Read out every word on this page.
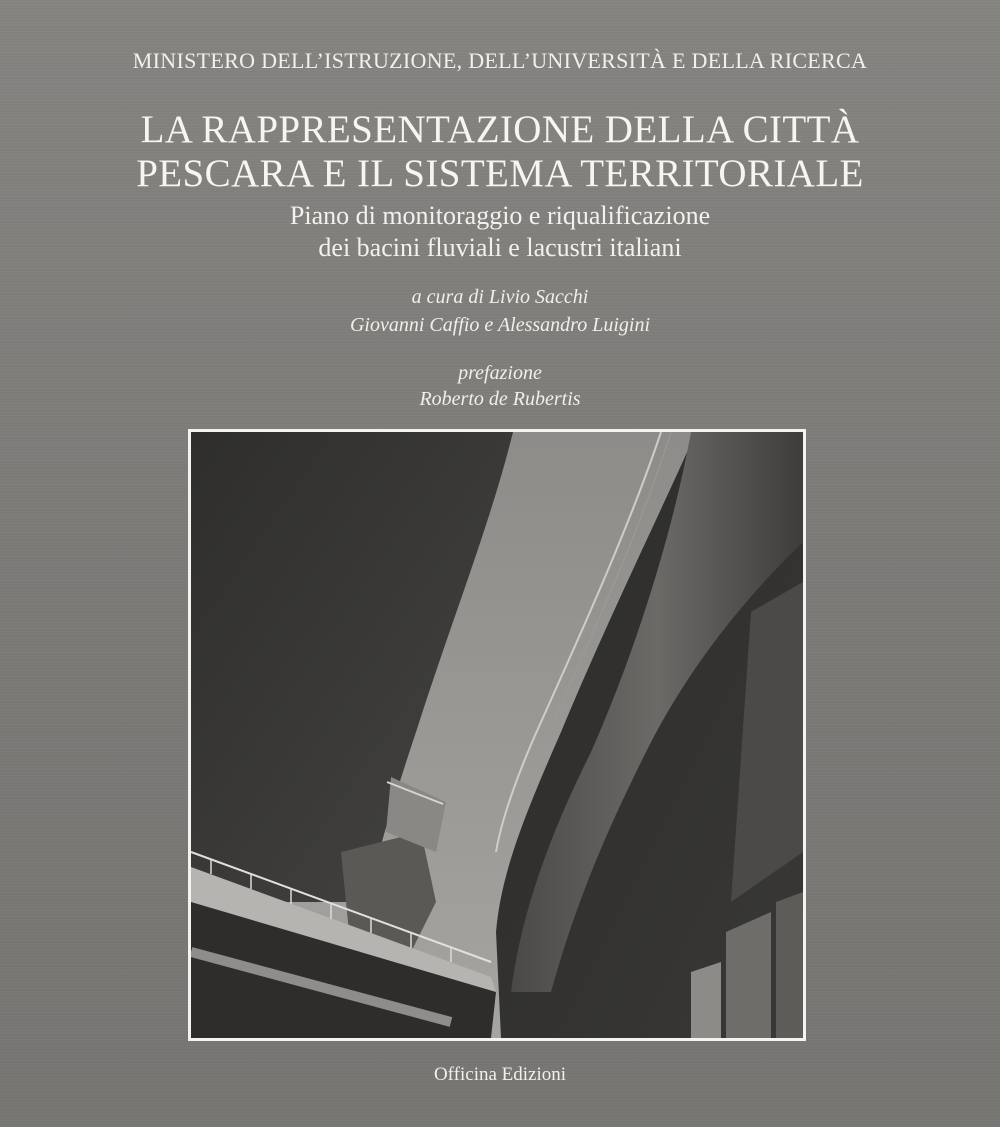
MINISTERO DELL’ISTRUZIONE, DELL’UNIVERSITÀ E DELLA RICERCA
LA RAPPRESENTAZIONE DELLA CITTÀ
PESCARA E IL SISTEMA TERRITORIALE
Piano di monitoraggio e riqualificazione
dei bacini fluviali e lacustri italiani
a cura di Livio Sacchi
Giovanni Caffio e Alessandro Luigini
prefazione
Roberto de Rubertis
Officina Edizioni
